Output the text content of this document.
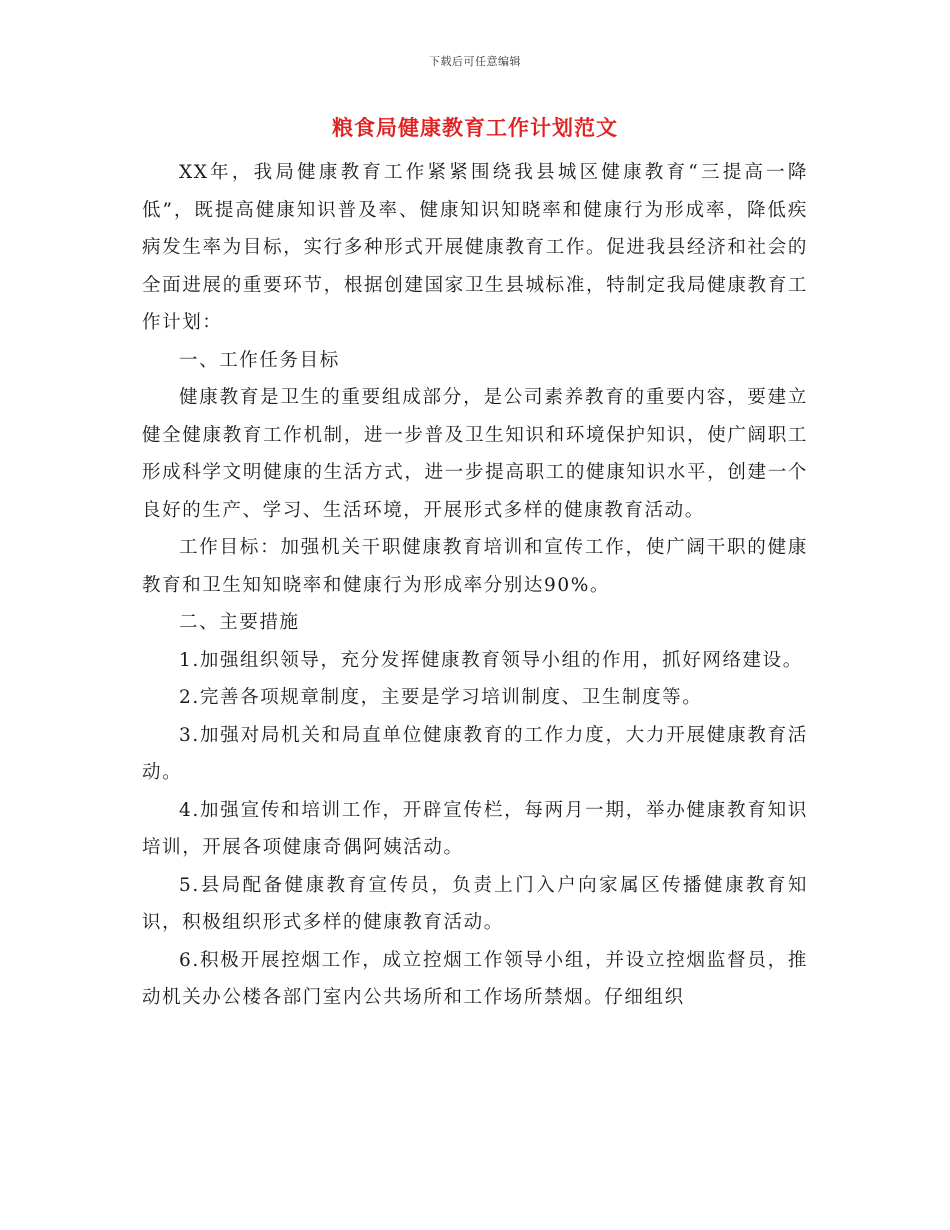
下载后可任意编辑
粮食局健康教育工作计划范文

XX年，我局健康教育工作紧紧围绕我县城区健康教育“三提高一降低”，既提高健康知识普及率、健康知识知晓率和健康行为形成率，降低疾病发生率为目标，实行多种形式开展健康教育工作。促进我县经济和社会的全面进展的重要环节，根据创建国家卫生县城标准，特制定我局健康教育工作计划：

一、工作任务目标

健康教育是卫生的重要组成部分，是公司素养教育的重要内容，要建立健全健康教育工作机制，进一步普及卫生知识和环境保护知识，使广阔职工形成科学文明健康的生活方式，进一步提高职工的健康知识水平，创建一个良好的生产、学习、生活环境，开展形式多样的健康教育活动。

工作目标：加强机关干职健康教育培训和宣传工作，使广阔干职的健康教育和卫生知知晓率和健康行为形成率分别达90%。

二、主要措施

1.加强组织领导，充分发挥健康教育领导小组的作用，抓好网络建设。

2.完善各项规章制度，主要是学习培训制度、卫生制度等。

3.加强对局机关和局直单位健康教育的工作力度，大力开展健康教育活动。

4.加强宣传和培训工作，开辟宣传栏，每两月一期，举办健康教育知识培训，开展各项健康奇偶阿姨活动。

5.县局配备健康教育宣传员，负责上门入户向家属区传播健康教育知识，积极组织形式多样的健康教育活动。

6.积极开展控烟工作，成立控烟工作领导小组，并设立控烟监督员，推动机关办公楼各部门室内公共场所和工作场所禁烟。仔细组织
